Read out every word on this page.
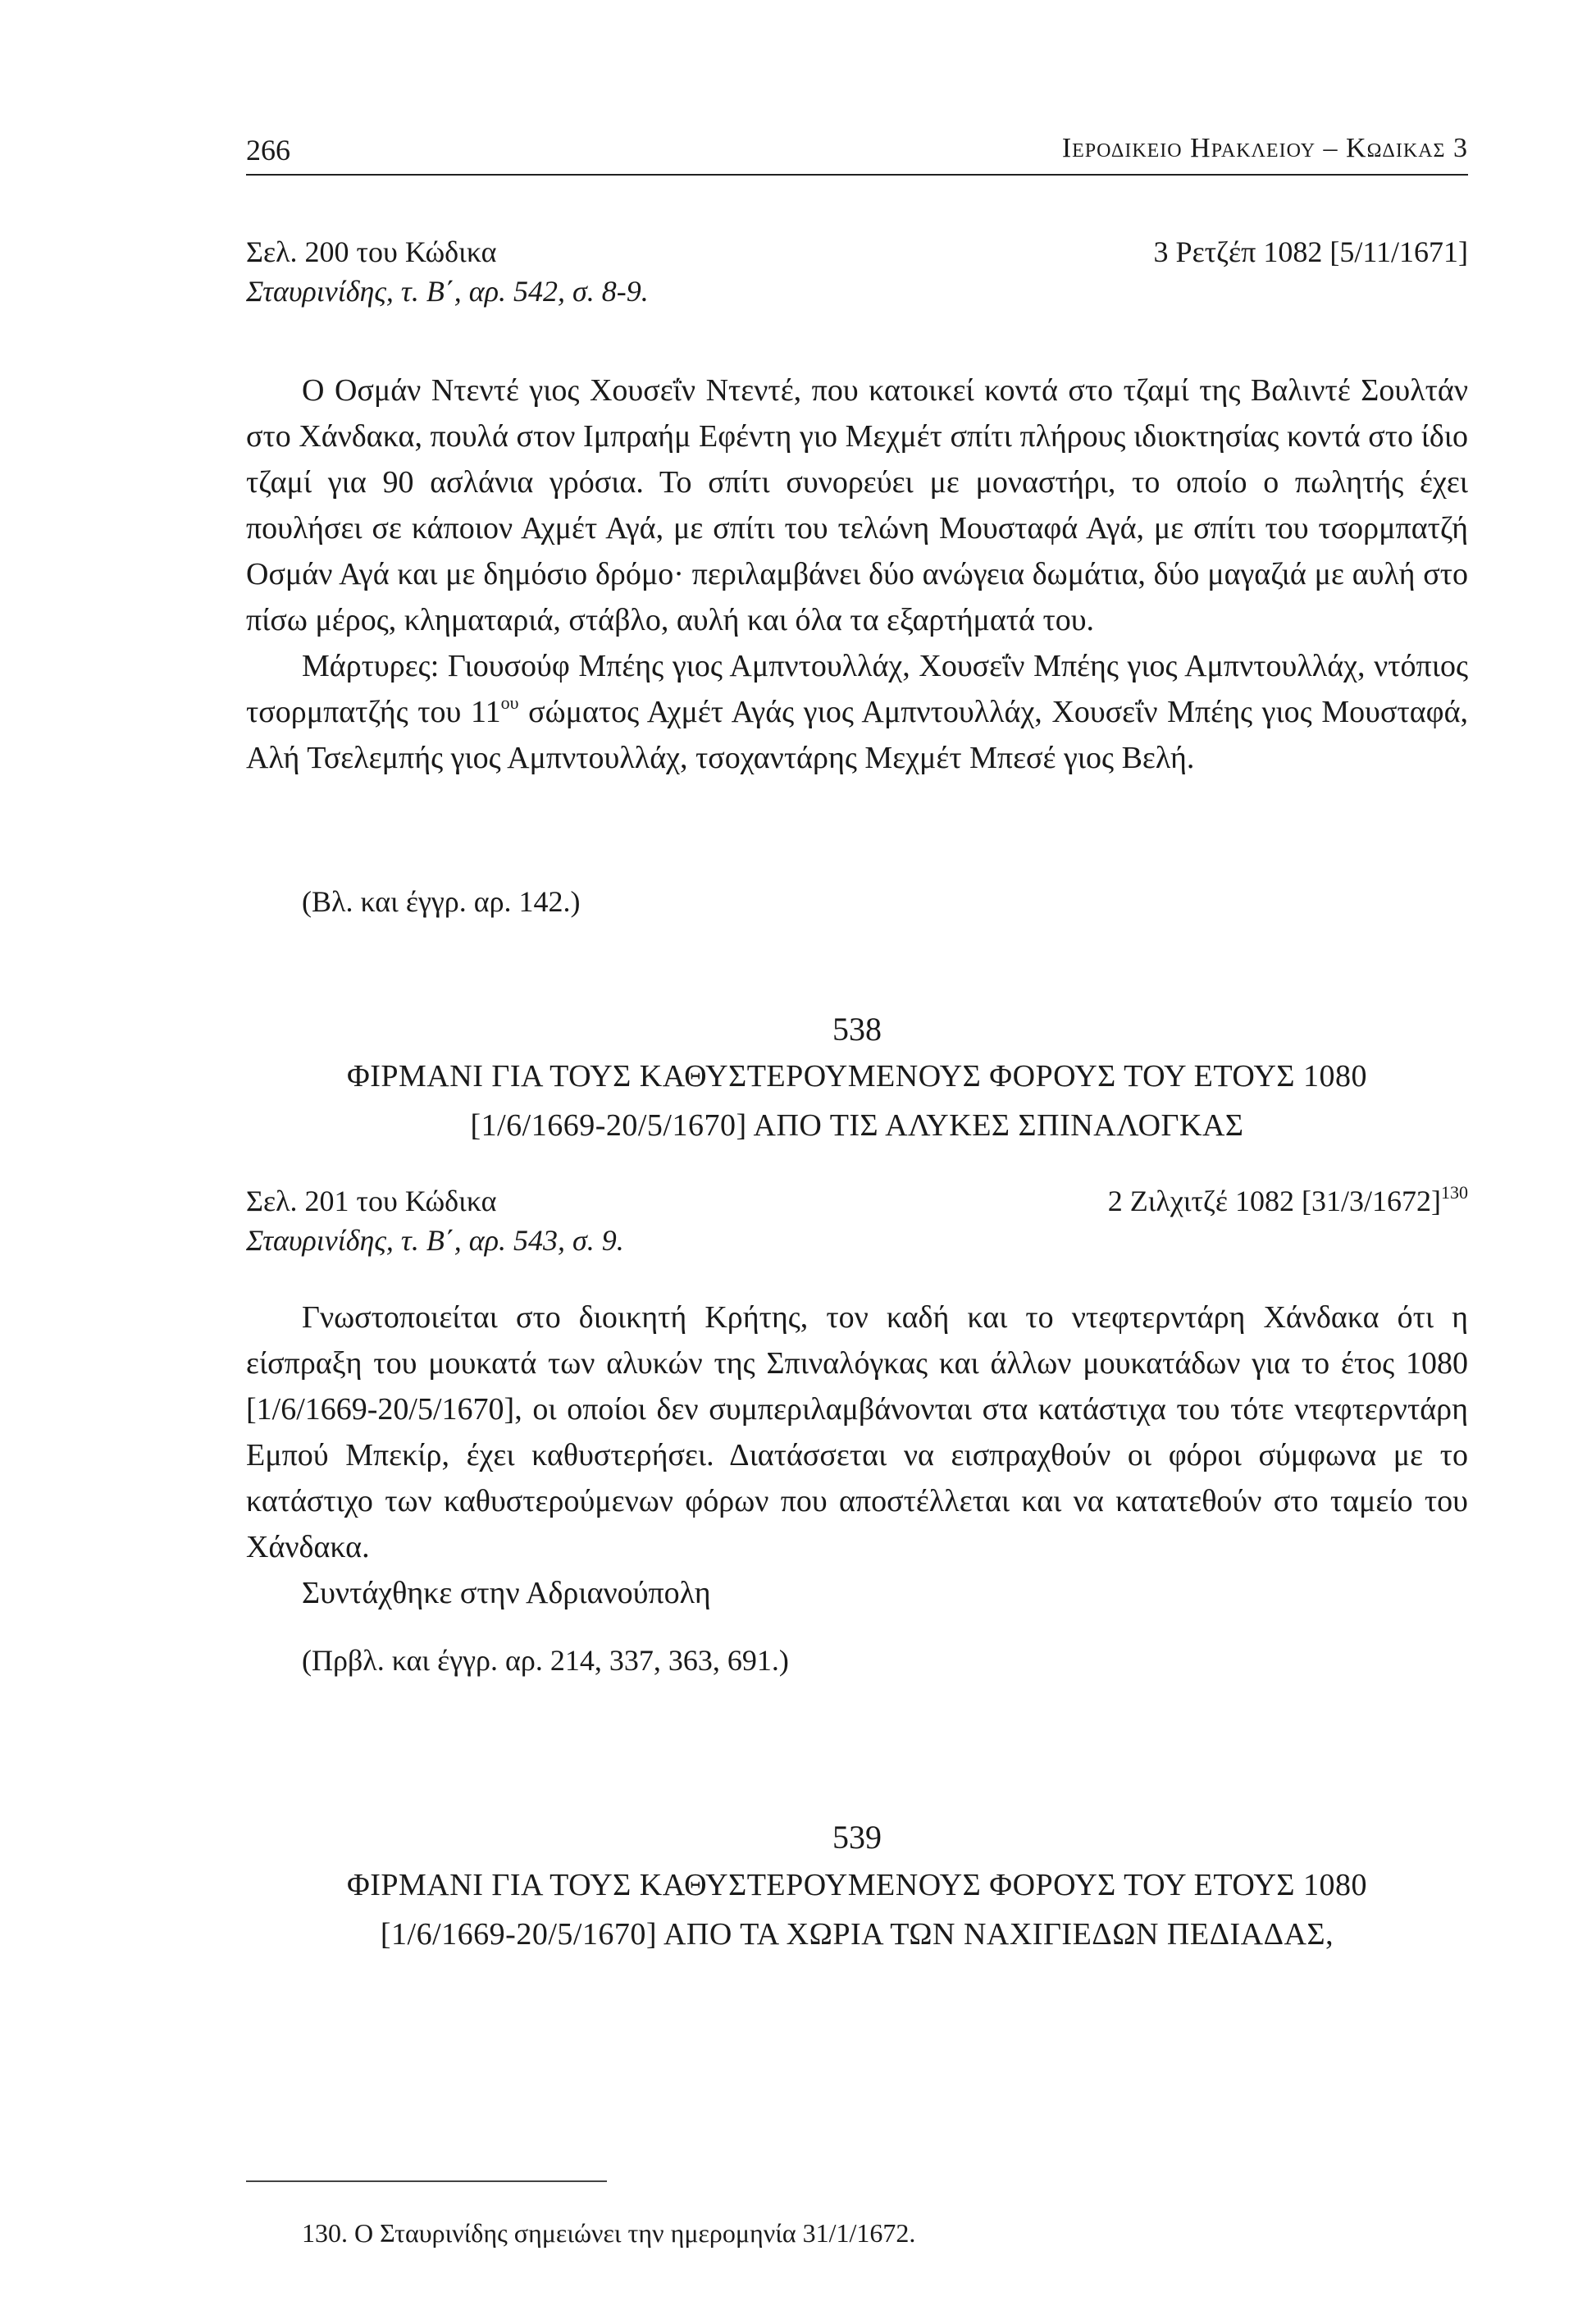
266	Ιεροδικειο Ηρακλειου – Κωδικας 3
Σελ. 200 του Κώδικα	3 Ρετζέπ 1082 [5/11/1671]
Σταυρινίδης, τ. Β΄, αρ. 542, σ. 8-9.

Ο Οσμάν Ντεντέ γιος Χουσεΐν Ντεντέ, που κατοικεί κοντά στο τζαμί της Βαλιντέ Σουλτάν στο Χάνδακα, πουλά στον Ιμπραήμ Εφέντη γιο Μεχμέτ σπίτι πλήρους ιδιοκτησίας κοντά στο ίδιο τζαμί για 90 ασλάνια γρόσια. Το σπίτι συνορεύει με μοναστήρι, το οποίο ο πωλητής έχει πουλήσει σε κάποιον Αχμέτ Αγά, με σπίτι του τελώνη Μουσταφά Αγά, με σπίτι του τσορμπατζή Οσμάν Αγά και με δημόσιο δρόμο· περιλαμβάνει δύο ανώγεια δωμάτια, δύο μαγαζιά με αυλή στο πίσω μέρος, κληματαριά, στάβλο, αυλή και όλα τα εξαρτήματά του.

Μάρτυρες: Γιουσούφ Μπέης γιος Αμπντουλλάχ, Χουσεΐν Μπέης γιος Αμπντουλλάχ, ντόπιος τσορμπατζής του $11^{o\upsilon}$ σώματος Αχμέτ Αγάς γιος Αμπντουλλάχ, Χουσεΐν Μπέης γιος Μουσταφά, Αλή Τσελεμπής γιος Αμπντουλλάχ, τσοχαντάρης Μεχμέτ Μπεσέ γιος Βελή.

(Βλ. και έγγρ. αρ. 142.)
538
ΦΙΡΜΑΝΙ ΓΙΑ ΤΟΥΣ ΚΑΘΥΣΤΕΡΟΥΜΕΝΟΥΣ ΦΟΡΟΥΣ ΤΟΥ ΕΤΟΥΣ 1080
[1/6/1669-20/5/1670] ΑΠΟ ΤΙΣ ΑΛΥΚΕΣ ΣΠΙΝΑΛΟΓΚΑΣ
Σελ. 201 του Κώδικα	2 Ζιλχιτζέ 1082 $[31/3/1672]^{130}$
Σταυρινίδης, τ. Β΄, αρ. 543, σ. 9.

Γνωστοποιείται στο διοικητή Κρήτης, τον καδή και το ντεφτερντάρη Χάνδακα ότι η είσπραξη του μουκατά των αλυκών της Σπιναλόγκας και άλλων μουκατάδων για το έτος 1080 [1/6/1669-20/5/1670], οι οποίοι δεν συμπεριλαμβάνονται στα κατάστιχα του τότε ντεφτερντάρη Εμπού Μπεκίρ, έχει καθυστερήσει. Διατάσσεται να εισπραχθούν οι φόροι σύμφωνα με το κατάστιχο των καθυστερούμενων φόρων που αποστέλλεται και να κατατεθούν στο ταμείο του Χάνδακα.

Συντάχθηκε στην Αδριανούπολη

(Πρβλ. και έγγρ. αρ. 214, 337, 363, 691.)
539
ΦΙΡΜΑΝΙ ΓΙΑ ΤΟΥΣ ΚΑΘΥΣΤΕΡΟΥΜΕΝΟΥΣ ΦΟΡΟΥΣ ΤΟΥ ΕΤΟΥΣ 1080
[1/6/1669-20/5/1670] ΑΠΟ ΤΑ ΧΩΡΙΑ ΤΩΝ ΝΑΧΙΓΙΕΔΩΝ ΠΕΔΙΑΔΑΣ,
130. Ο Σταυρινίδης σημειώνει την ημερομηνία 31/1/1672.
